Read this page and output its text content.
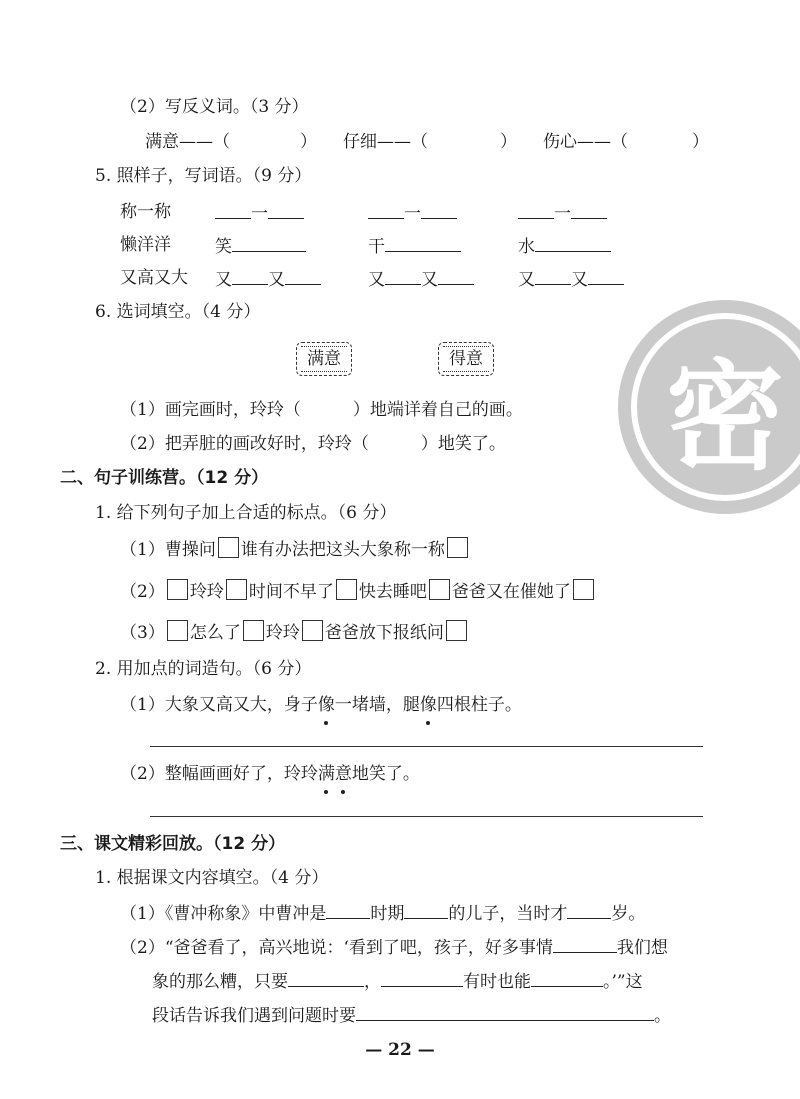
密
（2）写反义词。（3 分）
满意——（	） 仔细——（	） 伤心——（	）
5. 照样子，写词语。（9 分）
称一称	一	一	一
懒洋洋	笑	干	水
又高又大 又 又	又 又	又 又
6. 选词填空。（4 分）
满意	得意
（1）画完画时，玲玲（	）地端详着自己的画。
（2）把弄脏的画改好时，玲玲（	）地笑了。
二、句子训练营。（12 分）
1. 给下列句子加上合适的标点。（6 分）
（1）曹操问 谁有办法把这头大象称一称
（2） 玲玲 时间不早了 快去睡吧 爸爸又在催她了
（3） 怎么了 玲玲 爸爸放下报纸问
2. 用加点的词造句。（6 分）
（1）大象又高又大，身子像一堵墙，腿像四根柱子。
（2）整幅画画好了，玲玲满意地笑了。
三、课文精彩回放。（12 分）
1. 根据课文内容填空。（4 分）
（1）《曹冲称象》中曹冲是	时期	的儿子，当时才	岁。
（2）“爸爸看了，高兴地说：‘看到了吧，孩子，好多事情	我们想
象的那么糟，只要	，	有时也能	。’”这
段话告诉我们遇到问题时要	。
— 22 —
